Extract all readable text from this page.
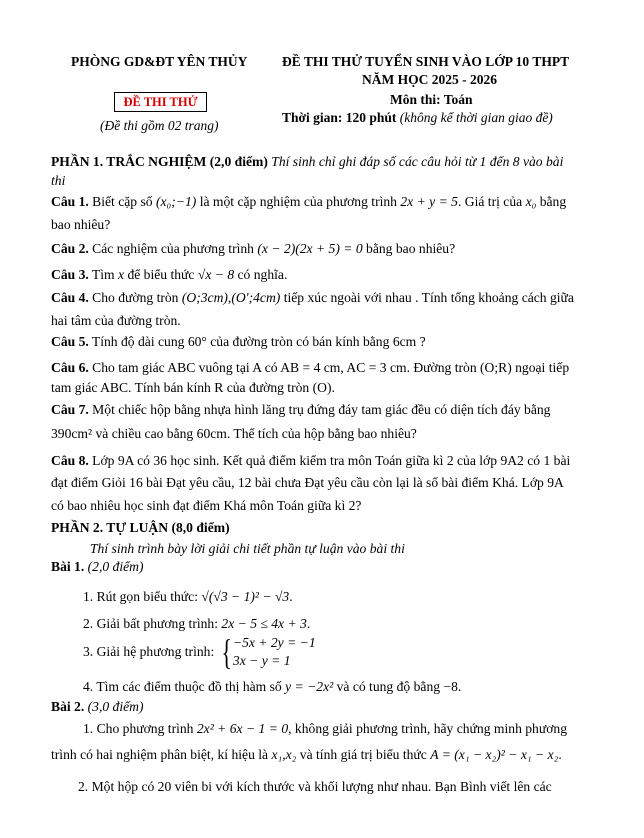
PHÒNG GD&ĐT YÊN THỦY	ĐỀ THI THỬ TUYỂN SINH VÀO LỚP 10 THPT
NĂM HỌC 2025 - 2026
ĐỀ THI THỬ
(Đề thi gồm 02 trang)
Môn thi: Toán
Thời gian: 120 phút (không kể thời gian giao đề)
PHẦN 1. TRẮC NGHIỆM (2,0 điểm) Thí sinh chỉ ghi đáp số các câu hỏi từ 1 đến 8 vào bài
thi
Câu 1. Biết cặp số (x₀;−1) là một cặp nghiệm của phương trình 2x + y = 5. Giá trị của x₀ bằng
bao nhiêu?
Câu 2. Các nghiệm của phương trình (x − 2)(2x + 5) = 0 bằng bao nhiêu?
Câu 3. Tìm x để biểu thức √x − 8 có nghĩa.
Câu 4. Cho đường tròn (O;3cm),(O';4cm) tiếp xúc ngoài với nhau . Tính tổng khoảng cách giữa
hai tâm của đường tròn.
Câu 5. Tính độ dài cung 60° của đường tròn có bán kính bằng 6cm ?
Câu 6. Cho tam giác ABC vuông tại A có AB = 4 cm, AC = 3 cm. Đường tròn (O;R) ngoại tiếp
tam giác ABC. Tính bán kính R của đường tròn (O).
Câu 7. Một chiếc hộp bằng nhựa hình lăng trụ đứng đáy tam giác đều có diện tích đáy bằng
390cm² và chiều cao bằng 60cm. Thể tích của hộp bằng bao nhiêu?
Câu 8. Lớp 9A có 36 học sinh. Kết quả điểm kiểm tra môn Toán giữa kì 2 của lớp 9A2 có 1 bài
đạt điểm Giỏi 16 bài Đạt yêu cầu, 12 bài chưa Đạt yêu cầu còn lại là số bài điểm Khá. Lớp 9A
có bao nhiêu học sinh đạt điểm Khá môn Toán giữa kì 2?
PHẦN 2. TỰ LUẬN (8,0 điểm)
Thí sinh trình bày lời giải chi tiết phần tự luận vào bài thi
Bài 1. (2,0 điểm)
1. Rút gọn biểu thức: √(√3 − 1)² − √3.
2. Giải bất phương trình: 2x − 5 ≤ 4x + 3.
3. Giải hệ phương trình: {−5x + 2y = −1
3x − y = 1
4. Tìm các điểm thuộc đồ thị hàm số y = −2x² và có tung độ bằng −8.
Bài 2. (3,0 điểm)
1. Cho phương trình 2x² + 6x − 1 = 0, không giải phương trình, hãy chứng minh phương
trình có hai nghiệm phân biệt, kí hiệu là x₁,x₂ và tính giá trị biểu thức A = (x₁ − x₂)² − x₁ − x₂.
2. Một hộp có 20 viên bi với kích thước và khối lượng như nhau. Bạn Bình viết lên các
